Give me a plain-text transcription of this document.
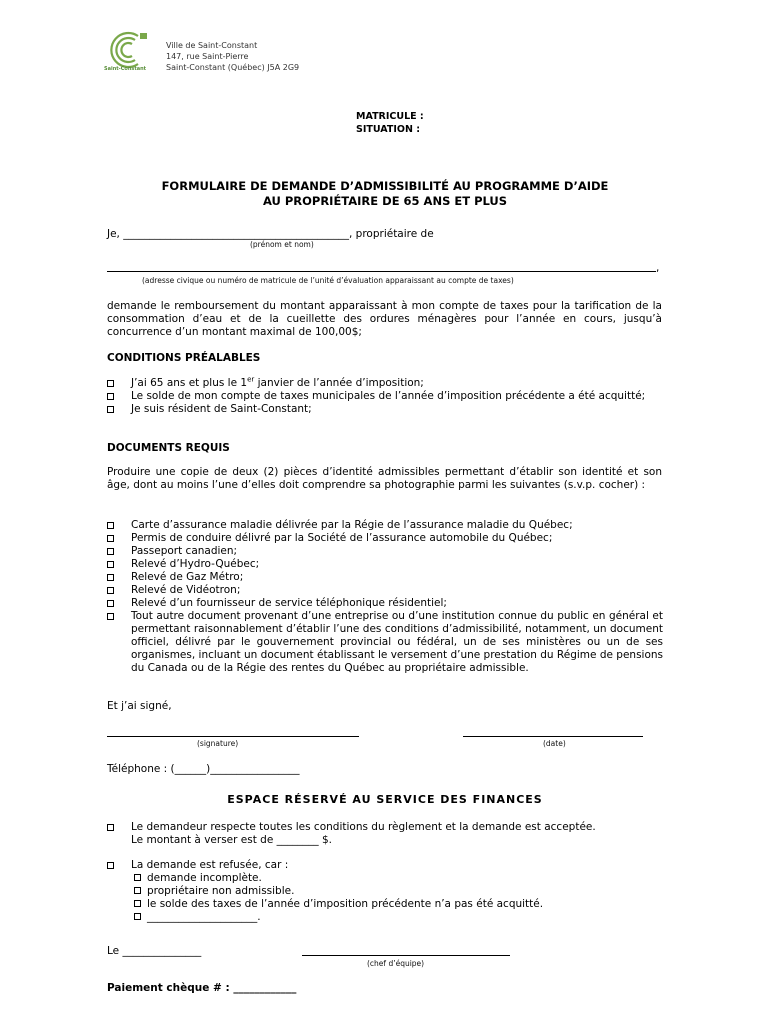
Saint-Constant
Ville de Saint-Constant
147, rue Saint-Pierre
Saint-Constant (Québec) J5A 2G9
MATRICULE :
SITUATION :
FORMULAIRE DE DEMANDE D’ADMISSIBILITÉ AU PROGRAMME D’AIDE
AU PROPRIÉTAIRE DE 65 ANS ET PLUS
Je, ___________________________________________, propriétaire de
(prénom et nom)
,
(adresse civique ou numéro de matricule de l’unité d’évaluation apparaissant au compte de taxes)
demande le remboursement du montant apparaissant à mon compte de taxes pour la tarification de la consommation d’eau et de la cueillette des ordures ménagères pour l’année en cours, jusqu’à concurrence d’un montant maximal de 100,00$;
CONDITIONS PRÉALABLES
J’ai 65 ans et plus le 1er janvier de l’année d’imposition;
Le solde de mon compte de taxes municipales de l’année d’imposition précédente a été acquitté;
Je suis résident de Saint-Constant;
DOCUMENTS REQUIS
Produire une copie de deux (2) pièces d’identité admissibles permettant d’établir son identité et son âge, dont au moins l’une d’elles doit comprendre sa photographie parmi les suivantes (s.v.p. cocher) :
Carte d’assurance maladie délivrée par la Régie de l’assurance maladie du Québec;
Permis de conduire délivré par la Société de l’assurance automobile du Québec;
Passeport canadien;
Relevé d’Hydro-Québec;
Relevé de Gaz Métro;
Relevé de Vidéotron;
Relevé d’un fournisseur de service téléphonique résidentiel;
Tout autre document provenant d’une entreprise ou d’une institution connue du public en général et permettant raisonnablement d’établir l’une des conditions d’admissibilité, notamment, un document officiel, délivré par le gouvernement provincial ou fédéral, un de ses ministères ou un de ses organismes, incluant un document établissant le versement d’une prestation du Régime de pensions du Canada ou de la Régie des rentes du Québec au propriétaire admissible.
Et j’ai signé,
(signature)	(date)
Téléphone : (______)_________________
ESPACE RÉSERVÉ AU SERVICE DES FINANCES
Le demandeur respecte toutes les conditions du règlement et la demande est acceptée.
Le montant à verser est de ________ $.
La demande est refusée, car :
demande incomplète.
propriétaire non admissible.
le solde des taxes de l’année d’imposition précédente n’a pas été acquitté.
_____________________.
Le _______________
(chef d’équipe)
Paiement chèque # : ____________
